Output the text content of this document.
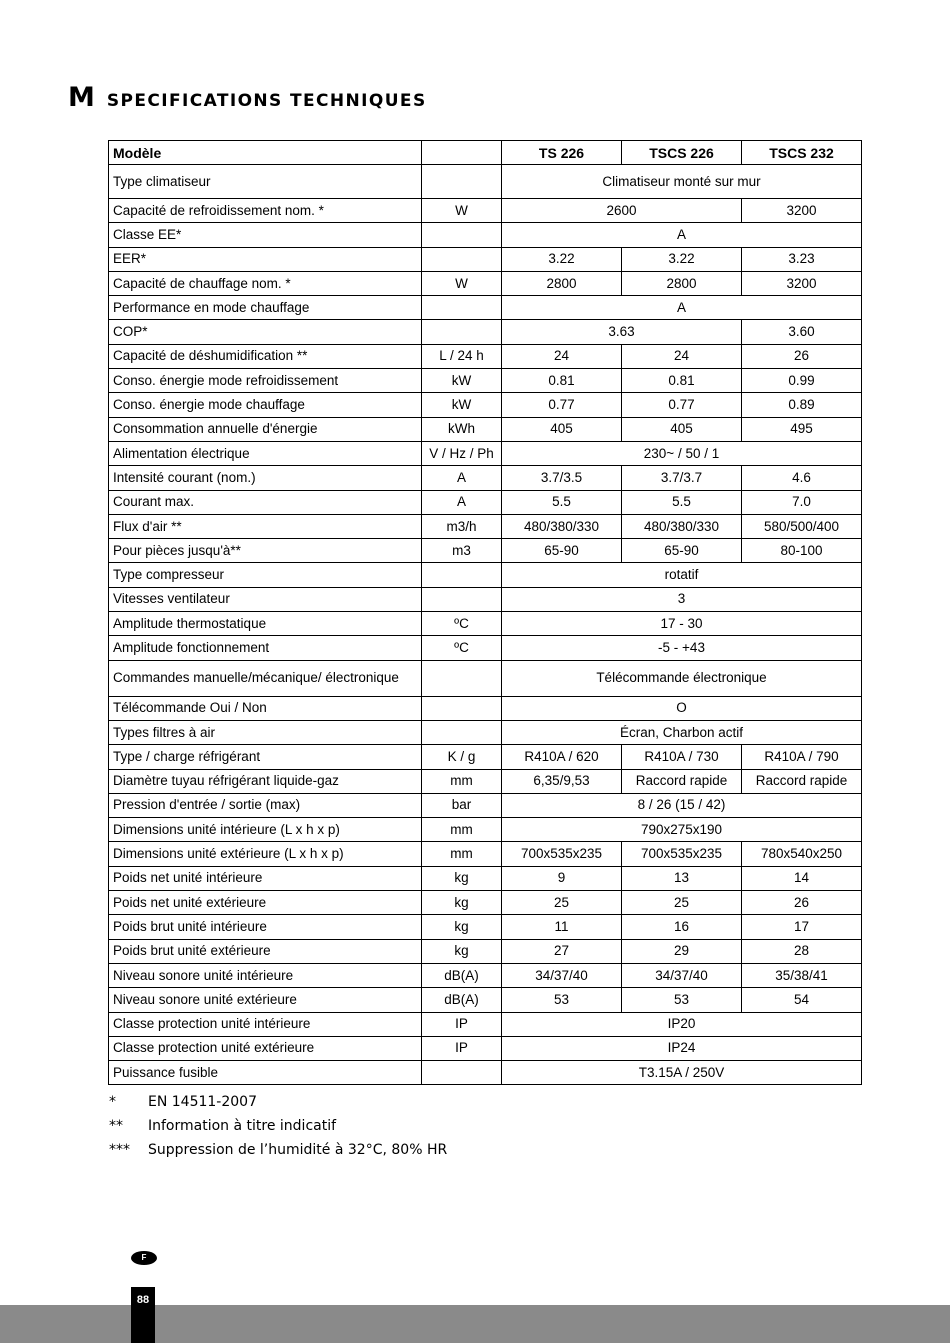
M SPECIFICATIONS TECHNIQUES
Modèle		TS 226	TSCS 226	TSCS 232
Type climatiseur		Climatiseur monté sur mur		
Capacité de refroidissement nom. *	W	2600		3200
Classe EE*		A		
EER*		3.22	3.22	3.23
Capacité de chauffage nom. *	W	2800	2800	3200
Performance en mode chauffage		A		
COP*		3.63		3.60
Capacité de déshumidification **	L / 24 h	24	24	26
Conso. énergie mode refroidissement	kW	0.81	0.81	0.99
Conso. énergie mode chauffage	kW	0.77	0.77	0.89
Consommation annuelle d'énergie	kWh	405	405	495
Alimentation électrique	V / Hz / Ph	230~ / 50 / 1		
Intensité courant (nom.)	A	3.7/3.5	3.7/3.7	4.6
Courant max.	A	5.5	5.5	7.0
Flux d'air **	m3/h	480/380/330	480/380/330	580/500/400
Pour pièces jusqu'à**	m3	65-90	65-90	80-100
Type compresseur		rotatif		
Vitesses ventilateur		3		
Amplitude thermostatique	ºC	17 - 30		
Amplitude fonctionnement	ºC	-5 - +43		
Commandes manuelle/mécanique/ électronique		Télécommande électronique		
Télécommande Oui / Non		O		
Types filtres à air		Écran, Charbon actif		
Type / charge réfrigérant	K / g	R410A / 620	R410A / 730	R410A / 790
Diamètre tuyau réfrigérant liquide-gaz	mm	6,35/9,53	Raccord rapide	Raccord rapide
Pression d'entrée / sortie (max)	bar	8 / 26 (15 / 42)		
Dimensions unité intérieure (L x h x p)	mm	790x275x190		
Dimensions unité extérieure (L x h x p)	mm	700x535x235	700x535x235	780x540x250
Poids net unité intérieure	kg	9	13	14
Poids net unité extérieure	kg	25	25	26
Poids brut unité intérieure	kg	11	16	17
Poids brut unité extérieure	kg	27	29	28
Niveau sonore unité intérieure	dB(A)	34/37/40	34/37/40	35/38/41
Niveau sonore unité extérieure	dB(A)	53	53	54
Classe protection unité intérieure	IP	IP20		
Classe protection unité extérieure	IP	IP24		
Puissance fusible		T3.15A / 250V		
*	EN 14511-2007
**	Information à titre indicatif
***	Suppression de l’humidité à 32°C, 80% HR
F
88
